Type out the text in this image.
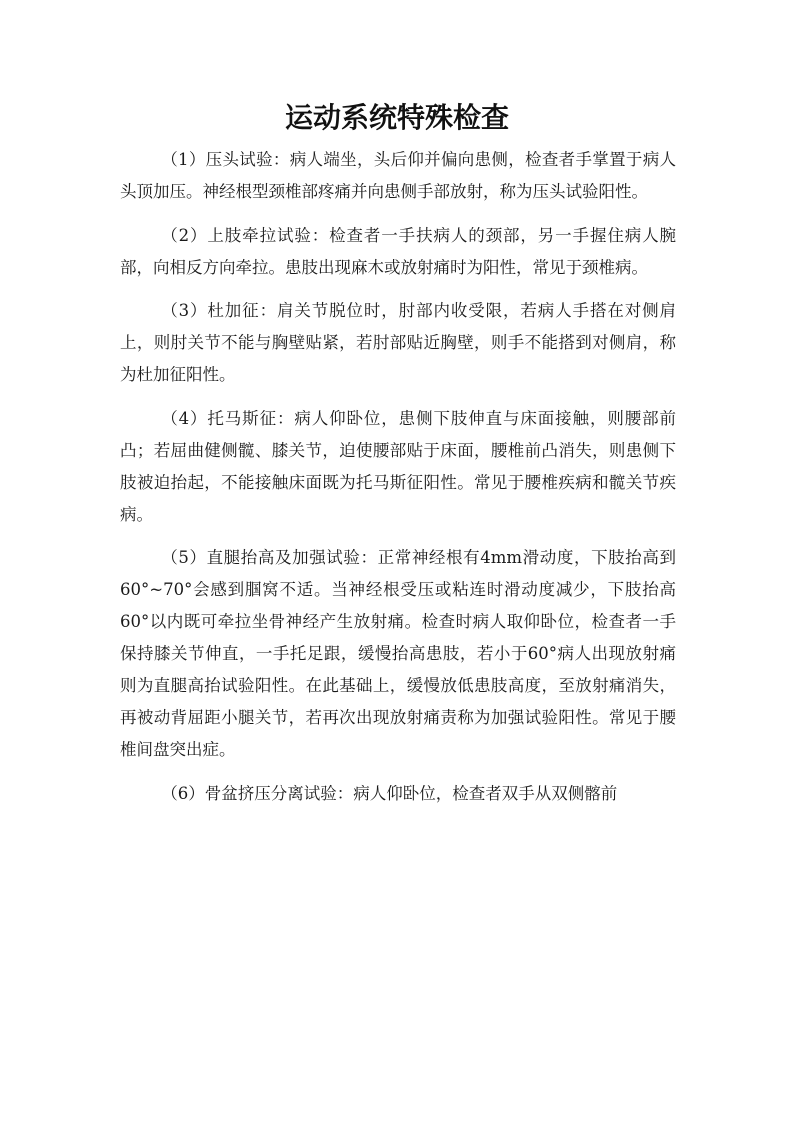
运动系统特殊检查

（1）压头试验：病人端坐，头后仰并偏向患侧，检查者手掌置于病人头顶加压。神经根型颈椎部疼痛并向患侧手部放射，称为压头试验阳性。

（2）上肢牵拉试验：检查者一手扶病人的颈部，另一手握住病人腕部，向相反方向牵拉。患肢出现麻木或放射痛时为阳性，常见于颈椎病。

（3）杜加征：肩关节脱位时，肘部内收受限，若病人手搭在对侧肩上，则肘关节不能与胸壁贴紧，若肘部贴近胸壁，则手不能搭到对侧肩，称为杜加征阳性。

（4）托马斯征：病人仰卧位，患侧下肢伸直与床面接触，则腰部前凸；若屈曲健侧髋、膝关节，迫使腰部贴于床面，腰椎前凸消失，则患侧下肢被迫抬起，不能接触床面既为托马斯征阳性。常见于腰椎疾病和髋关节疾病。

（5）直腿抬高及加强试验：正常神经根有4mm滑动度，下肢抬高到60°~70°会感到腘窝不适。当神经根受压或粘连时滑动度减少，下肢抬高60°以内既可牵拉坐骨神经产生放射痛。检查时病人取仰卧位，检查者一手保持膝关节伸直，一手托足跟，缓慢抬高患肢，若小于60°病人出现放射痛则为直腿高抬试验阳性。在此基础上，缓慢放低患肢高度，至放射痛消失，再被动背屈距小腿关节，若再次出现放射痛责称为加强试验阳性。常见于腰椎间盘突出症。

（6）骨盆挤压分离试验：病人仰卧位，检查者双手从双侧髂前
